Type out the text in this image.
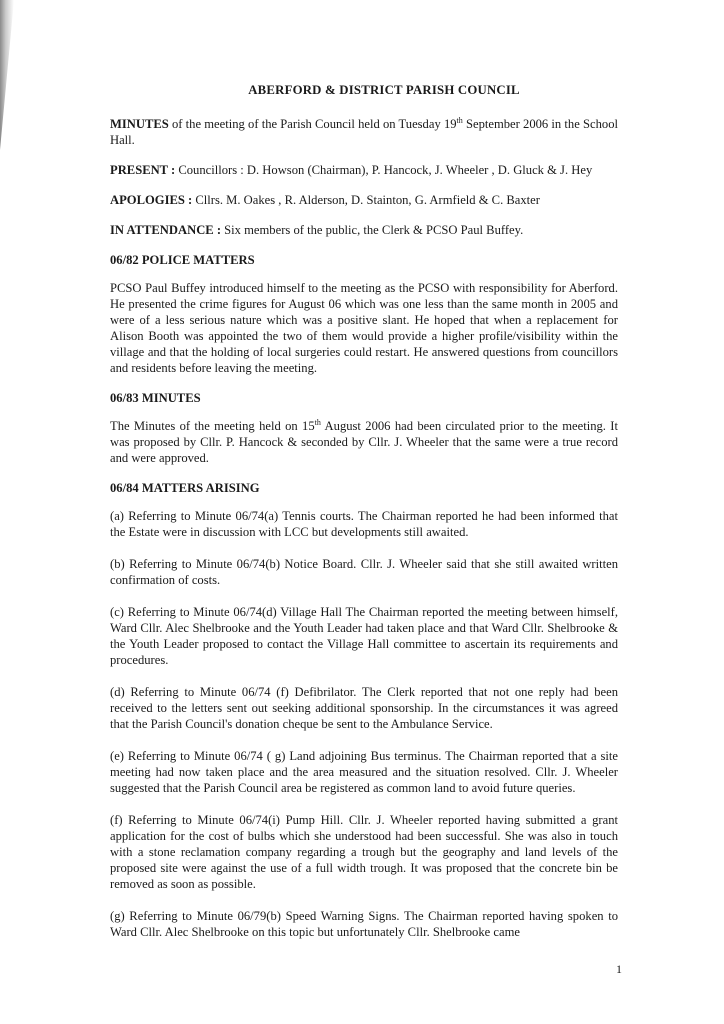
ABERFORD & DISTRICT PARISH COUNCIL

MINUTES of the meeting of the Parish Council held on Tuesday 19th September 2006 in the School Hall.

PRESENT : Councillors : D. Howson (Chairman), P. Hancock, J. Wheeler , D. Gluck & J. Hey

APOLOGIES : Cllrs. M. Oakes , R. Alderson, D. Stainton, G. Armfield & C. Baxter

IN ATTENDANCE : Six members of the public, the Clerk & PCSO Paul Buffey.

06/82 POLICE MATTERS

PCSO Paul Buffey introduced himself to the meeting as the PCSO with responsibility for Aberford. He presented the crime figures for August 06 which was one less than the same month in 2005 and were of a less serious nature which was a positive slant. He hoped that when a replacement for Alison Booth was appointed the two of them would provide a higher profile/visibility within the village and that the holding of local surgeries could restart. He answered questions from councillors and residents before leaving the meeting.

06/83 MINUTES

The Minutes of the meeting held on 15th August 2006 had been circulated prior to the meeting. It was proposed by Cllr. P. Hancock & seconded by Cllr. J. Wheeler that the same were a true record and were approved.

06/84 MATTERS ARISING

(a) Referring to Minute 06/74(a) Tennis courts. The Chairman reported he had been informed that the Estate were in discussion with LCC but developments still awaited.

(b) Referring to Minute 06/74(b) Notice Board. Cllr. J. Wheeler said that she still awaited written confirmation of costs.

(c) Referring to Minute 06/74(d) Village Hall The Chairman reported the meeting between himself, Ward Cllr. Alec Shelbrooke and the Youth Leader had taken place and that Ward Cllr. Shelbrooke & the Youth Leader proposed to contact the Village Hall committee to ascertain its requirements and procedures.

(d) Referring to Minute 06/74 (f) Defibrilator. The Clerk reported that not one reply had been received to the letters sent out seeking additional sponsorship. In the circumstances it was agreed that the Parish Council's donation cheque be sent to the Ambulance Service.

(e) Referring to Minute 06/74 ( g) Land adjoining Bus terminus. The Chairman reported that a site meeting had now taken place and the area measured and the situation resolved. Cllr. J. Wheeler suggested that the Parish Council area be registered as common land to avoid future queries.

(f) Referring to Minute 06/74(i) Pump Hill. Cllr. J. Wheeler reported having submitted a grant application for the cost of bulbs which she understood had been successful. She was also in touch with a stone reclamation company regarding a trough but the geography and land levels of the proposed site were against the use of a full width trough. It was proposed that the concrete bin be removed as soon as possible.

(g) Referring to Minute 06/79(b) Speed Warning Signs. The Chairman reported having spoken to Ward Cllr. Alec Shelbrooke on this topic but unfortunately Cllr. Shelbrooke came

1
